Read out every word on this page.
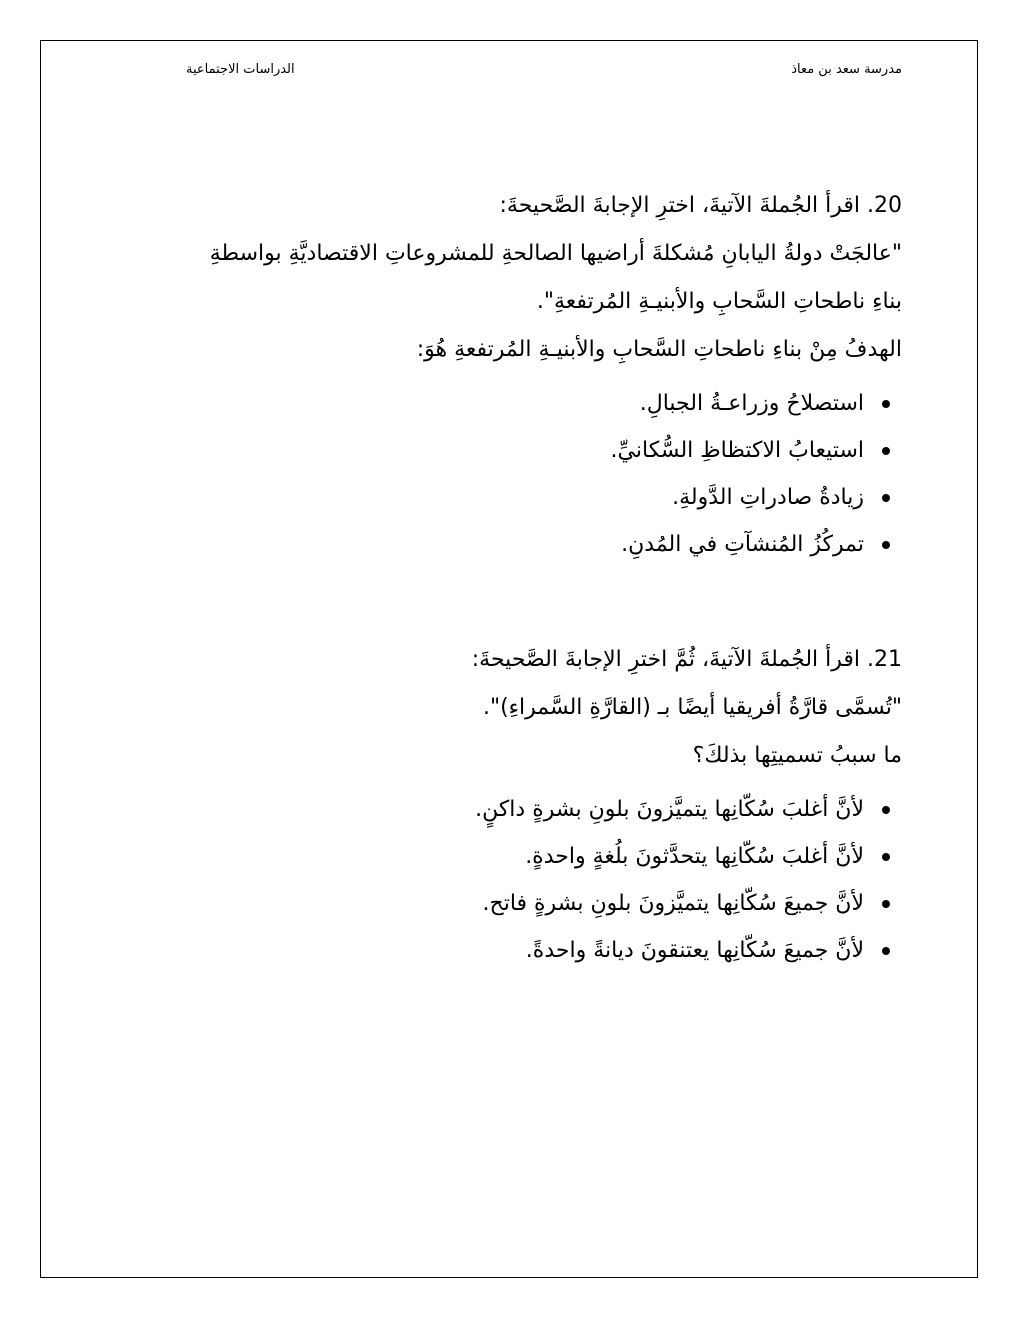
مدرسة سعد بن معاذ
الدراسات الاجتماعية
20. اقرأ الجُملةَ الآتيةَ، اخترِ الإجابةَ الصَّحيحةَ:
"عالجَتْ دولةُ اليابانِ مُشكلةَ أراضيها الصالحةِ للمشروعاتِ الاقتصاديَّةِ بواسطةِ
بناءِ ناطحاتِ السَّحابِ والأبنيـةِ المُرتفعةِ".
الهدفُ مِنْ بناءِ ناطحاتِ السَّحابِ والأبنيـةِ المُرتفعةِ هُوَ:
استصلاحُ وزراعـةُ الجبالِ.
استيعابُ الاكتظاظِ السُّكانيِّ.
زيادةُ صادراتِ الدَّولةِ.
تمركُزُ المُنشآتِ في المُدنِ.
21. اقرأ الجُملةَ الآتيةَ، ثُمَّ اخترِ الإجابةَ الصَّحيحةَ:
"تُسمَّى قارَّةُ أفريقيا أيضًا بـ (القارَّةِ السَّمراءِ)".
ما سببُ تسميتِها بذلكَ؟
لأنَّ أغلبَ سُكّانِها يتميَّزونَ بلونِ بشرةٍ داكنٍ.
لأنَّ أغلبَ سُكّانِها يتحدَّثونَ بلُغةٍ واحدةٍ.
لأنَّ جميعَ سُكّانِها يتميَّزونَ بلونِ بشرةٍ فاتح.
لأنَّ جميعَ سُكّانِها يعتنقونَ ديانةً واحدةً.
